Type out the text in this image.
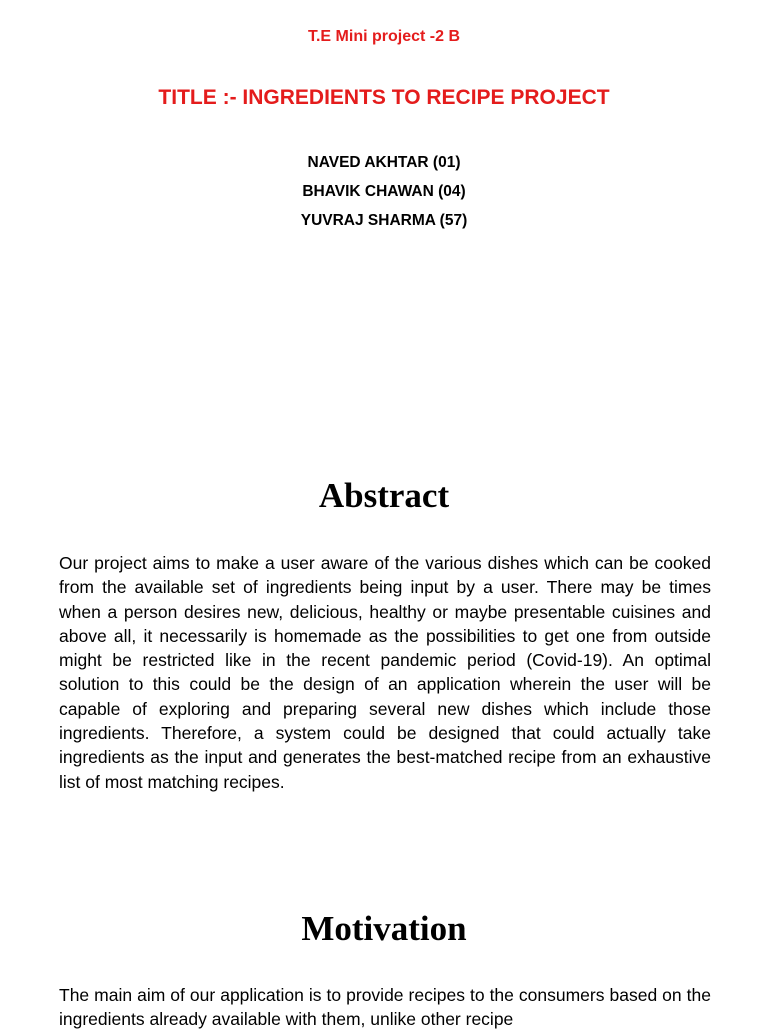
T.E Mini project -2 B
TITLE :- INGREDIENTS TO RECIPE PROJECT
NAVED AKHTAR (01)
BHAVIK CHAWAN (04)
YUVRAJ SHARMA (57)
Abstract

Our project aims to make a user aware of the various dishes which can be cooked from the available set of ingredients being input by a user. There may be times when a person desires new, delicious, healthy or maybe presentable cuisines and above all, it necessarily is homemade as the possibilities to get one from outside might be restricted like in the recent pandemic period (Covid-19). An optimal solution to this could be the design of an application wherein the user will be capable of exploring and preparing several new dishes which include those ingredients. Therefore, a system could be designed that could actually take ingredients as the input and generates the best-matched recipe from an exhaustive list of most matching recipes.

Motivation

The main aim of our application is to provide recipes to the consumers based on the ingredients already available with them, unlike other recipe
